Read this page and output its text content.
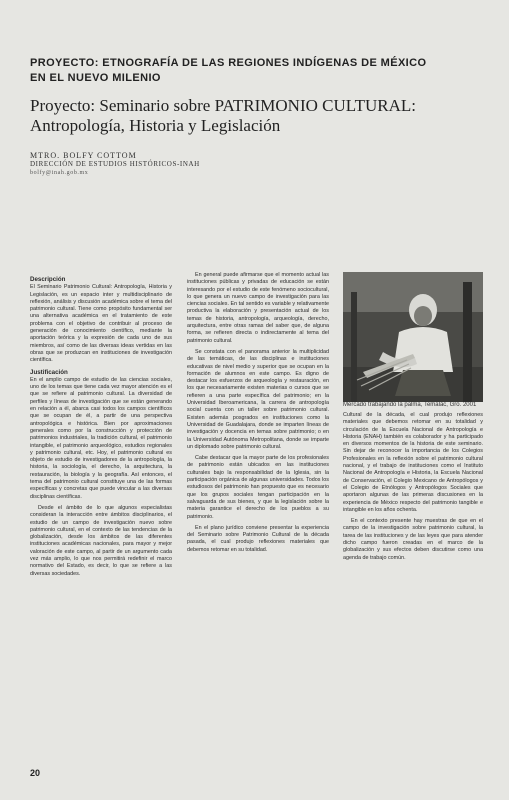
PROYECTO: ETNOGRAFÍA DE LAS REGIONES INDÍGENAS DE MÉXICO
EN EL NUEVO MILENIO
Proyecto: Seminario sobre PATRIMONIO CULTURAL:
Antropología, Historia y Legislación
MTRO. BOLFY COTTOM
DIRECCIÓN DE ESTUDIOS HISTÓRICOS-INAH
bolfy@inah.gob.mx
Descripción

El Seminario Patrimonio Cultural: Antropología, Historia y Legislación, es un espacio inter y multidisciplinario de reflexión, análisis y discusión académica sobre el tema del patrimonio cultural. Tiene como propósito fundamental ser una alternativa académica en el tratamiento de este problema con el objetivo de contribuir al proceso de generación de conocimiento científico, mediante la aportación teórica y la expresión de cada uno de sus miembros, así como de las diversas ideas vertidas en las obras que se produzcan en instituciones de investigación científica.

Justificación

En el amplio campo de estudio de las ciencias sociales, uno de los temas que tiene cada vez mayor atención es el que se refiere al patrimonio cultural. La diversidad de perfiles y líneas de investigación que se están generando en relación a él, abarca casi todos los campos científicos que se ocupan de él, a partir de una perspectiva antropológica e histórica. Bien por aproximaciones generales como por la construcción y protección de patrimonios industriales, la tradición cultural, el patrimonio intangible, el patrimonio arqueológico, estudios regionales y patrimonio cultural, etc. Hoy, el patrimonio cultural es objeto de estudio de investigadores de la antropología, la historia, la sociología, el derecho, la arquitectura, la restauración, la biología y la geografía. Así entonces, el tema del patrimonio cultural constituye una de las formas específicas y concretas que puede vincular a las diversas disciplinas científicas.

Desde el ámbito de lo que algunos especialistas consideran la interacción entre ámbitos disciplinarios, el estudio de un campo de investigación nuevo sobre patrimonio cultural, en el contexto de las tendencias de la globalización, desde los ámbitos de las diferentes instituciones académicas nacionales, para mayor y mejor valoración de este campo, al partir de un argumento cada vez más amplio, lo que nos permitirá redefinir el marco normativo del Estado, es decir, lo que se refiere a las diversas sociedades.

En general puede afirmarse que el momento actual las instituciones públicas y privadas de educación se están interesando por el estudio de este fenómeno sociocultural, lo que genera un nuevo campo de investigación para las ciencias sociales. En tal sentido es variable y relativamente productiva la elaboración y presentación actual de los temas de historia, antropología, arqueología, derecho, arquitectura, entre otras ramas del saber que, de alguna forma, se refieren directa o indirectamente al tema del patrimonio cultural.

Se constata con el panorama anterior la multiplicidad de las temáticas, de las disciplinas e instituciones educativas de nivel medio y superior que se ocupan en la formación de alumnos en este campo. Es digno de destacar los esfuerzos de arqueología y restauración, en los que necesariamente existen materias o cursos que se refieren a una parte específica del patrimonio; en la Universidad Iberoamericana, la carrera de antropología social cuenta con un taller sobre patrimonio cultural. Existen además posgrados en instituciones como la Universidad de Guadalajara, donde se imparten líneas de investigación y docencia en temas sobre patrimonio; o en la Universidad Autónoma Metropolitana, donde se imparte un diplomado sobre patrimonio cultural.

Cabe destacar que la mayor parte de los profesionales de patrimonio están ubicados en las instituciones culturales bajo la responsabilidad de la Iglesia, sin la participación orgánica de algunas universidades. Todos los estudiosos del patrimonio han propuesto que es necesario que los grupos sociales tengan participación en la salvaguarda de sus bienes, y que la legislación sobre la materia garantice el derecho de los pueblos a su patrimonio.

En el plano jurídico conviene presentar la experiencia del Seminario sobre Patrimonio Cultural de la década pasada, el cual produjo reflexiones materiales que debemos retomar en su totalidad.

Mercado trabajando la palma, Temalac, Gro. 2001

Cultural de la década, el cual produjo reflexiones materiales que debemos retomar en su totalidad y circulación de la Escuela Nacional de Antropología e Historia (ENAH) también es colaborador y ha participado en diversos momentos de la historia de este seminario. Sin dejar de reconocer la importancia de los Colegios Profesionales en la reflexión sobre el patrimonio cultural nacional, y el trabajo de instituciones como el Instituto Nacional de Antropología e Historia, la Escuela Nacional de Conservación, el Colegio Mexicano de Antropólogos y el Colegio de Etnólogos y Antropólogos Sociales que aportaron algunas de las primeras discusiones en la experiencia de México respecto del patrimonio tangible e intangible en los años ochenta.

En el contexto presente hay muestras de que en el campo de la investigación sobre patrimonio cultural, la tarea de las instituciones y de las leyes que para atender dicho campo fueron creadas en el marco de la globalización y sus efectos deben discutirse como una agenda de trabajo común.

20
